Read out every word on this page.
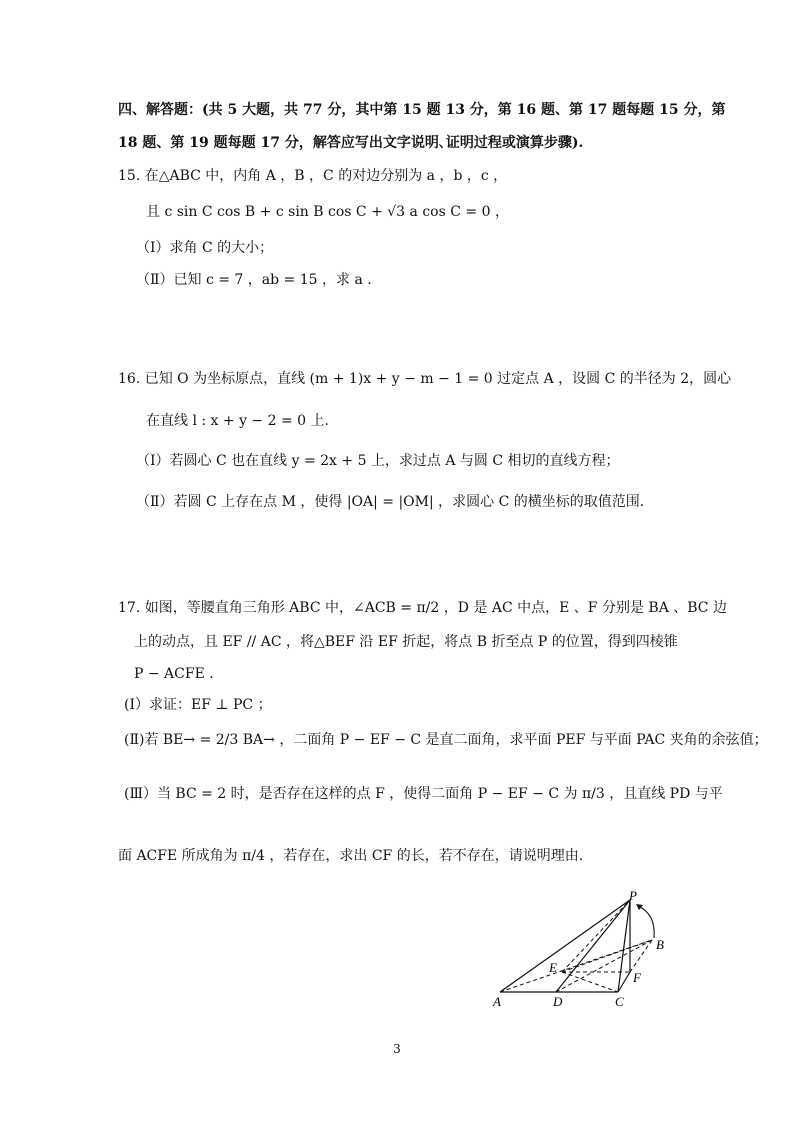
四、解答题：(共 5 大题，共 77 分，其中第 15 题 13 分，第 16 题、第 17 题每题 15 分，第
18 题、第 19 题每题 17 分，解答应写出文字说明､证明过程或演算步骤).
15. 在△ABC 中，内角 A ，B ，C 的对边分别为 a ，b ，c ，
且 c sin C cos B + c sin B cos C + √3 a cos C = 0 ，
（Ⅰ）求角 C 的大小；
（Ⅱ）已知 c = 7 ，ab = 15 ，求 a .
16. 已知 O 为坐标原点，直线 (m + 1)x + y − m − 1 = 0 过定点 A ，设圆 C 的半径为 2，圆心
在直线 l : x + y − 2 = 0 上.
（Ⅰ）若圆心 C 也在直线 y = 2x + 5 上，求过点 A 与圆 C 相切的直线方程；
（Ⅱ）若圆 C 上存在点 M ，使得 |OA| = |OM| ，求圆心 C 的横坐标的取值范围.
17. 如图，等腰直角三角形 ABC 中，∠ACB = π/2 ，D 是 AC 中点，E 、F 分别是 BA 、BC 边
上的动点，且 EF // AC ，将△BEF 沿 EF 折起，将点 B 折至点 P 的位置，得到四棱锥
P − ACFE .
(Ⅰ）求证：EF ⊥ PC ；
(Ⅱ)若 BE→ = 2/3 BA→ ，二面角 P − EF − C 是直二面角，求平面 PEF 与平面 PAC 夹角的余弦值；
(Ⅲ）当 BC = 2 时，是否存在这样的点 F ，使得二面角 P − EF − C 为 π/3 ，且直线 PD 与平
面 ACFE 所成角为 π/4 ，若存在，求出 CF 的长，若不存在，请说明理由.
P
B
E
F
A	D	C
3
